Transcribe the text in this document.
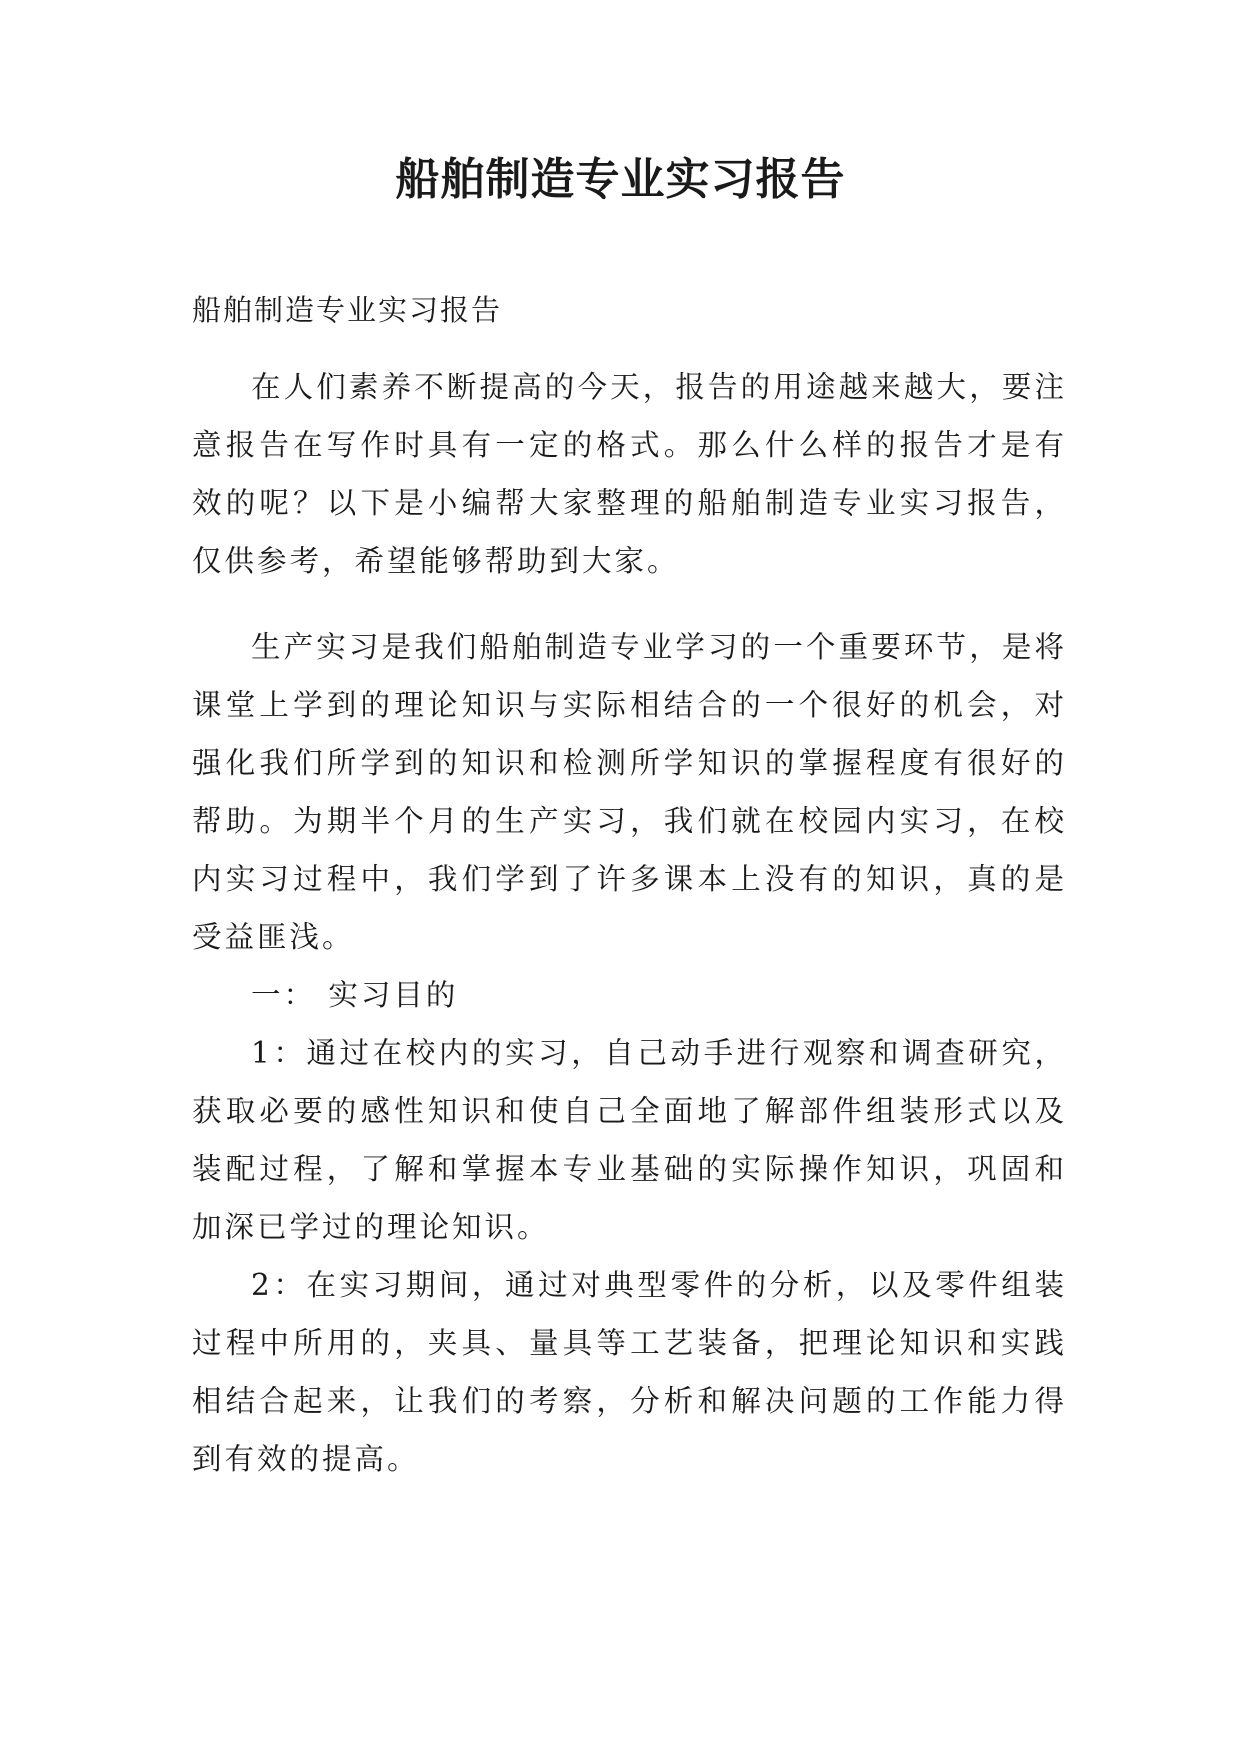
船舶制造专业实习报告

船舶制造专业实习报告

在人们素养不断提高的今天，报告的用途越来越大，要注意报告在写作时具有一定的格式。那么什么样的报告才是有效的呢？以下是小编帮大家整理的船舶制造专业实习报告，仅供参考，希望能够帮助到大家。

生产实习是我们船舶制造专业学习的一个重要环节，是将课堂上学到的理论知识与实际相结合的一个很好的机会，对强化我们所学到的知识和检测所学知识的掌握程度有很好的帮助。为期半个月的生产实习，我们就在校园内实习，在校内实习过程中，我们学到了许多课本上没有的知识，真的是受益匪浅。

一： 实习目的

1：通过在校内的实习，自己动手进行观察和调查研究，获取必要的感性知识和使自己全面地了解部件组装形式以及装配过程，了解和掌握本专业基础的实际操作知识，巩固和加深已学过的理论知识。

2：在实习期间，通过对典型零件的分析，以及零件组装过程中所用的，夹具、量具等工艺装备，把理论知识和实践相结合起来，让我们的考察，分析和解决问题的工作能力得到有效的提高。
